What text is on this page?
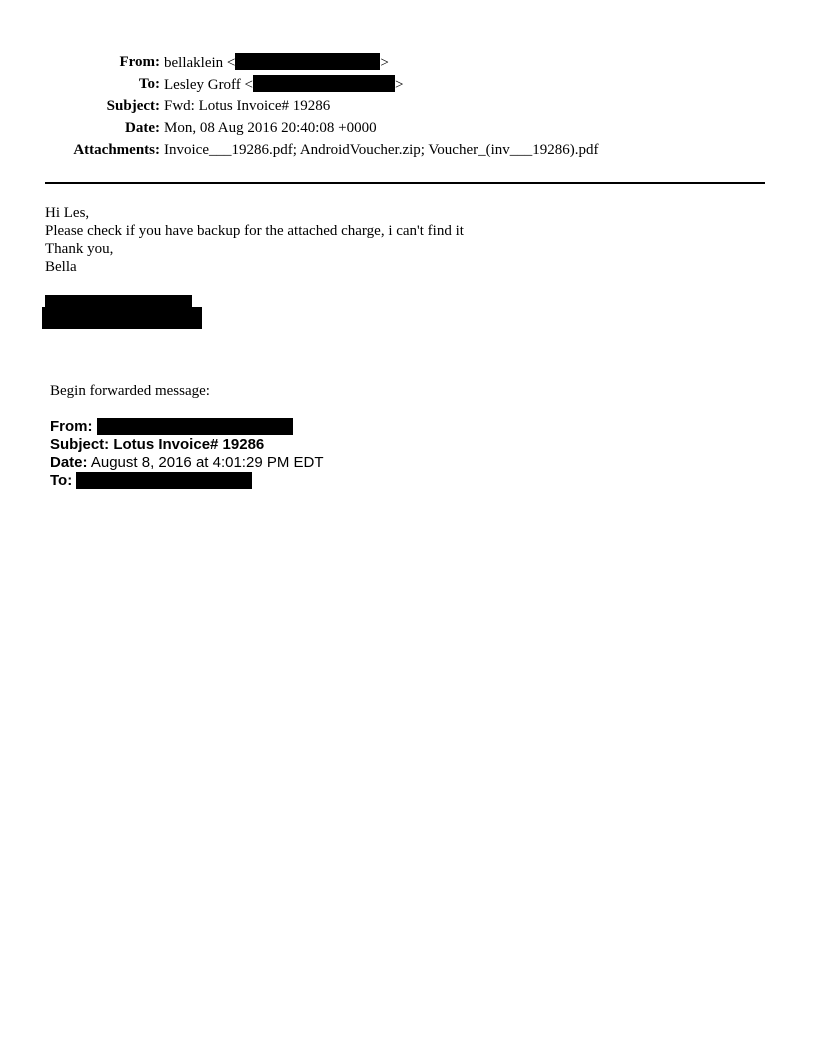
From: bellaklein <	>
To: Lesley Groff <	>
Subject: Fwd: Lotus Invoice# 19286
Date: Mon, 08 Aug 2016 20:40:08 +0000
Attachments: Invoice___19286.pdf; AndroidVoucher.zip; Voucher_(inv___19286).pdf
Hi Les,
Please check if you have backup for the attached charge, i can't find it
Thank you,
Bella
Begin forwarded message:
From:
Subject: Lotus Invoice# 19286
Date: August 8, 2016 at 4:01:29 PM EDT
To:
